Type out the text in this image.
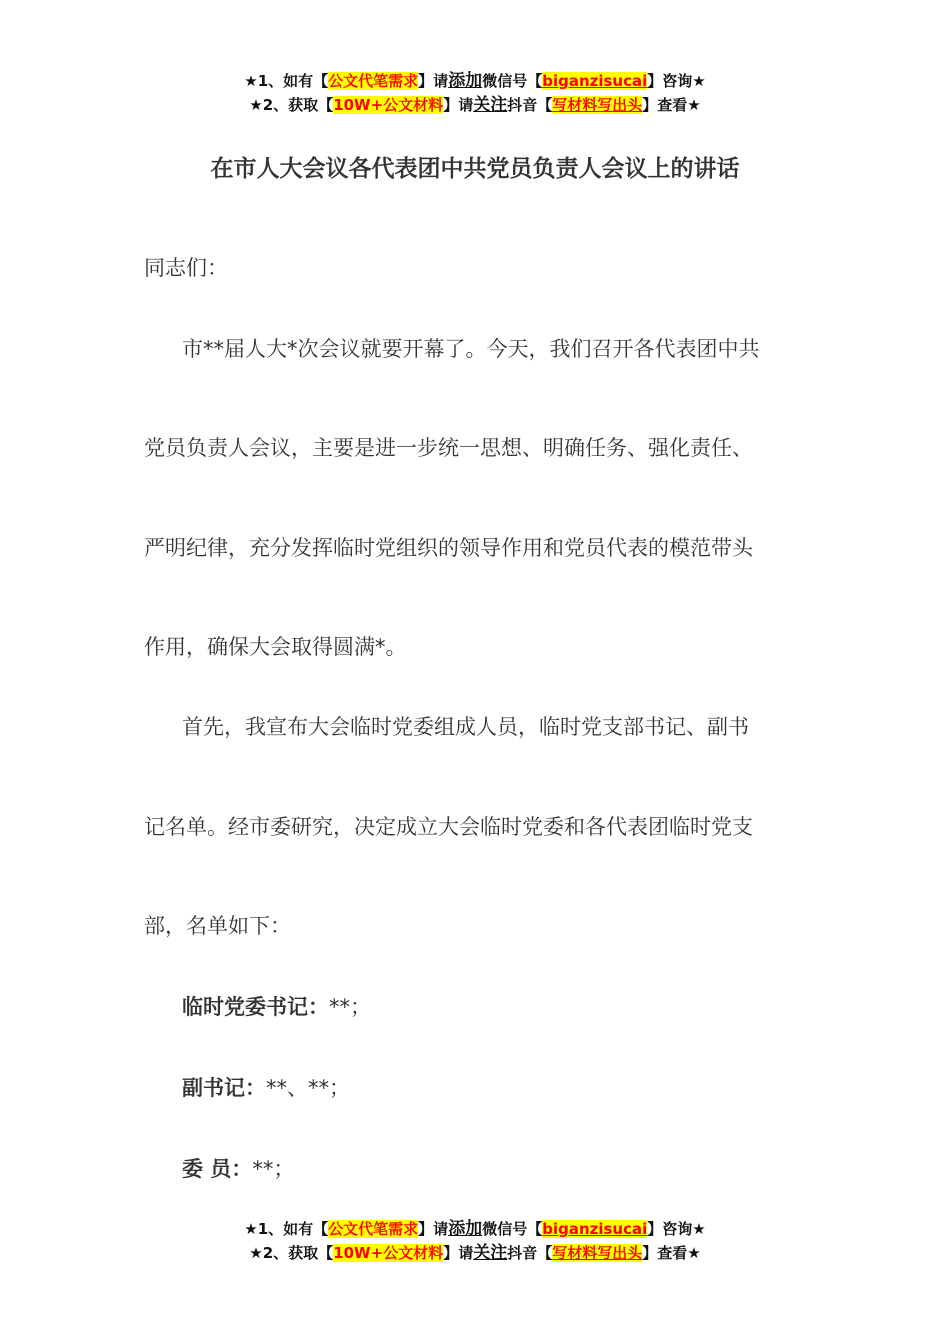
★1、如有【公文代笔需求】请添加微信号【biganzisucai】咨询★
★2、获取【10W+公文材料】请关注抖音【写材料写出头】查看★
在市人大会议各代表团中共党员负责人会议上的讲话
同志们：
市**届人大*次会议就要开幕了。今天，我们召开各代表团中共
党员负责人会议，主要是进一步统一思想、明确任务、强化责任、
严明纪律，充分发挥临时党组织的领导作用和党员代表的模范带头
作用，确保大会取得圆满*。
首先，我宣布大会临时党委组成人员，临时党支部书记、副书
记名单。经市委研究，决定成立大会临时党委和各代表团临时党支
部，名单如下：
临时党委书记：**；
副书记：**、**；
委 员：**；
★1、如有【公文代笔需求】请添加微信号【biganzisucai】咨询★
★2、获取【10W+公文材料】请关注抖音【写材料写出头】查看★
